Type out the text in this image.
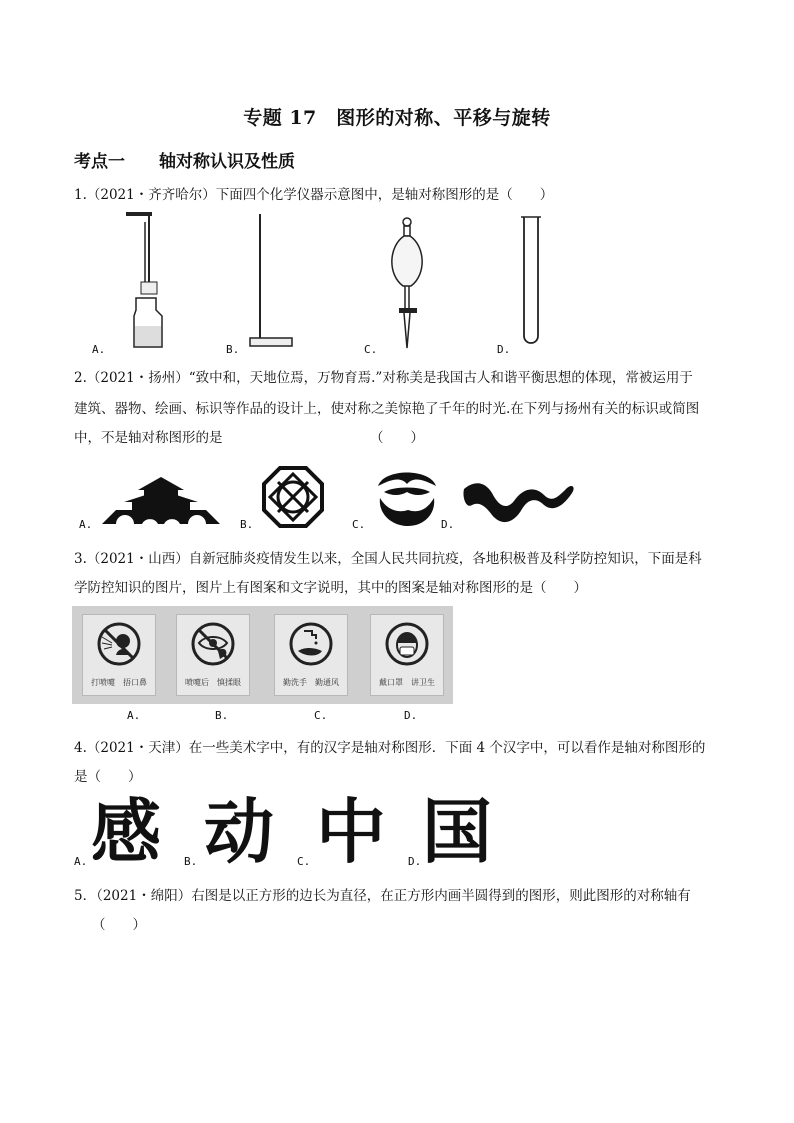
专题 17　图形的对称、平移与旋转
考点一　　轴对称认识及性质
1.（2021・齐齐哈尔）下面四个化学仪器示意图中，是轴对称图形的是（　　）
A.	B.	C.	D.
2.（2021・扬州）“致中和，天地位焉，万物育焉.”对称美是我国古人和谐平衡思想的体现，常被运用于
建筑、器物、绘画、标识等作品的设计上，使对称之美惊艳了千年的时光.在下列与扬州有关的标识或简图
中，不是轴对称图形的是	（　　）
A.	B.	C.	D.
3.（2021・山西）自新冠肺炎疫情发生以来，全国人民共同抗疫，各地积极普及科学防控知识，下面是科
学防控知识的图片，图片上有图案和文字说明，其中的图案是轴对称图形的是（　　）
打喷嚏　捂口鼻	喷嚏后　慎揉眼	勤洗手　勤通风	戴口罩　讲卫生
A.	B.	C.	D.
4.（2021・天津）在一些美术字中，有的汉字是轴对称图形．下面 4 个汉字中，可以看作是轴对称图形的
是（　　）
感 动 中 国
A.	B.	C.	D.
5．（2021・绵阳）右图是以正方形的边长为直径，在正方形内画半圆得到的图形，则此图形的对称轴有
（　　）
